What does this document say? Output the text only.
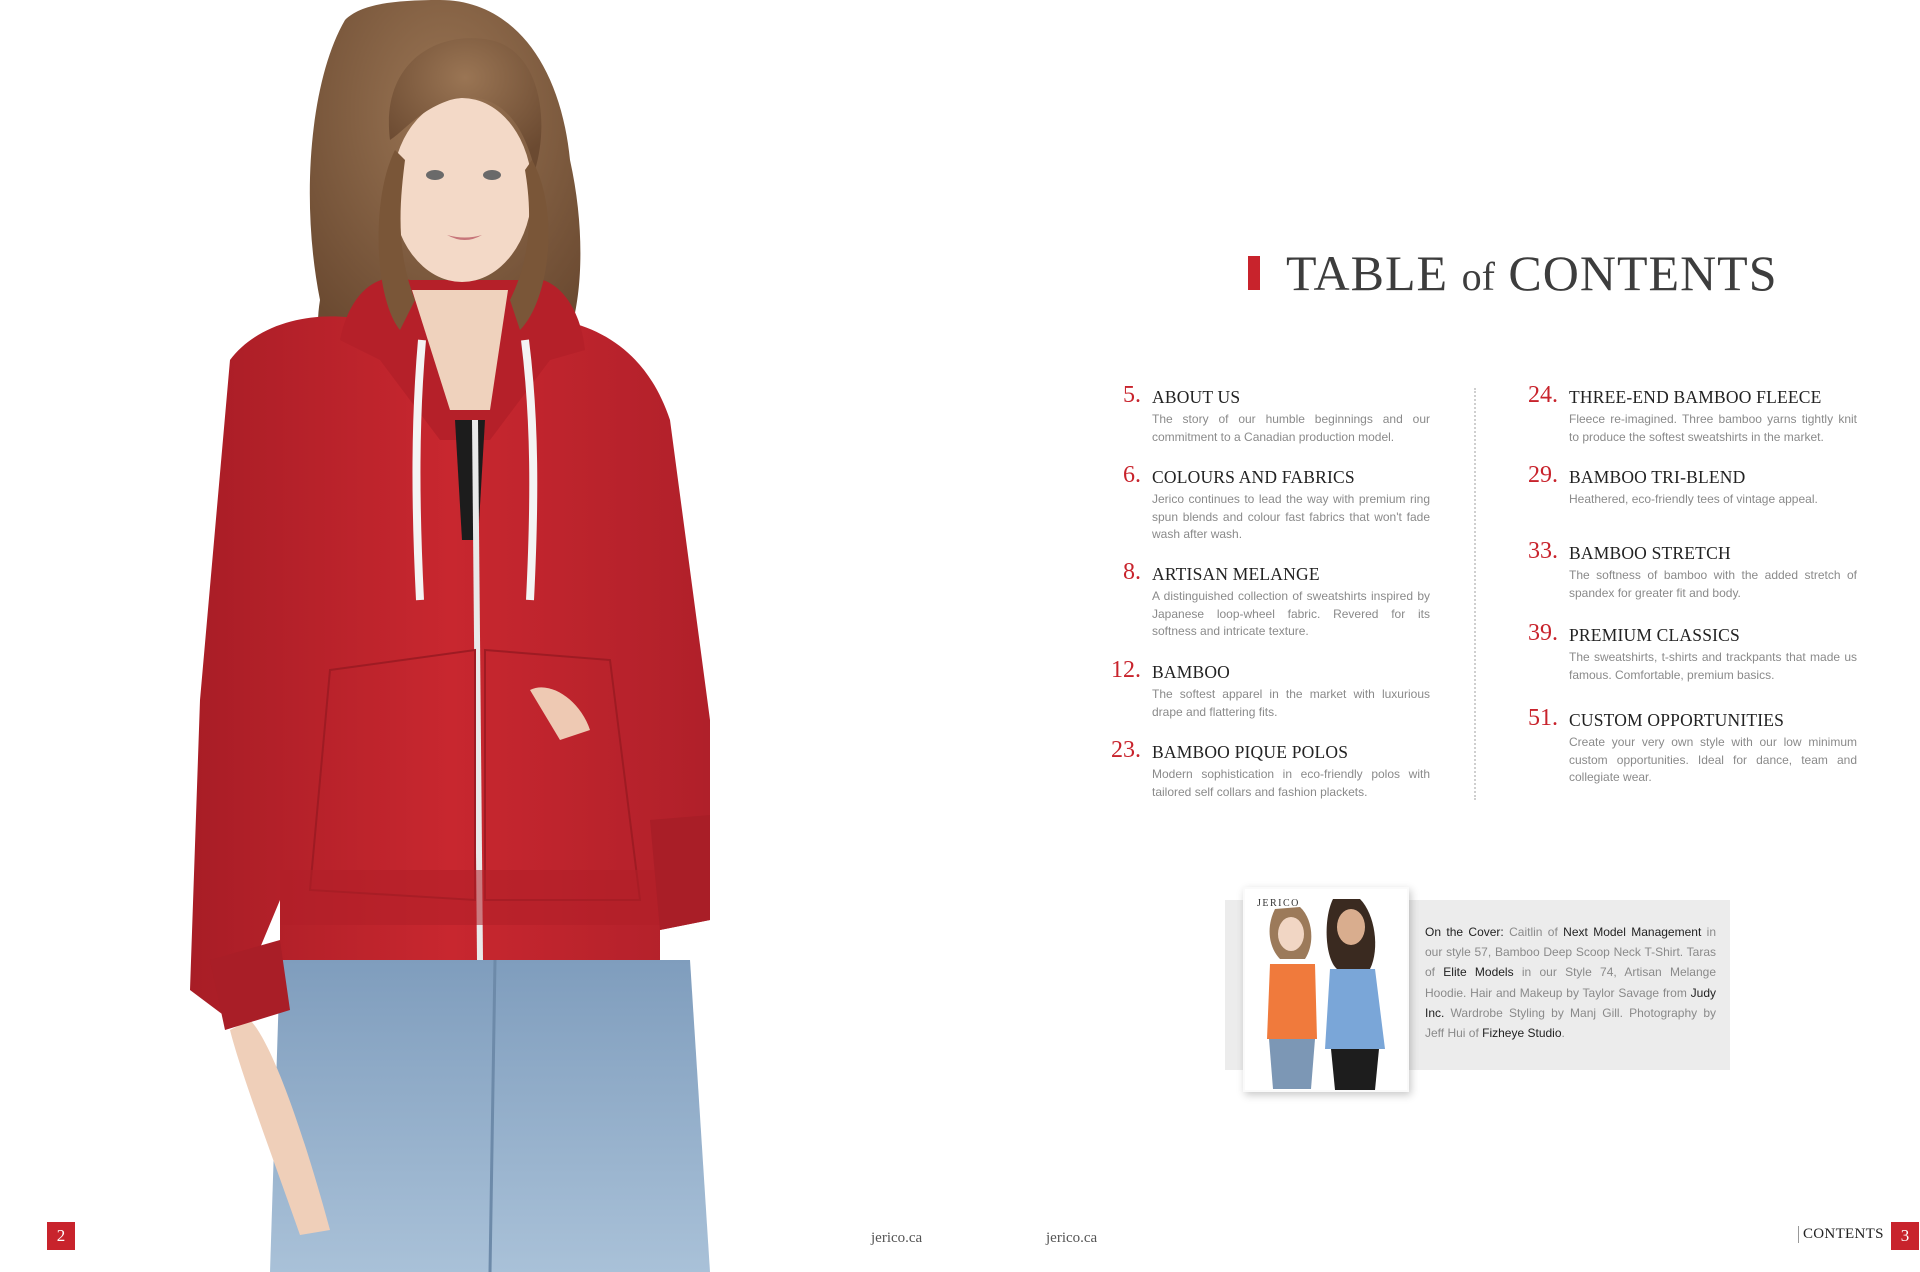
TABLE of CONTENTS
5. ABOUT US
The story of our humble beginnings and our commitment to a Canadian production model.
6. COLOURS AND FABRICS
Jerico continues to lead the way with premium ring spun blends and colour fast fabrics that won't fade wash after wash.
8. ARTISAN MELANGE
A distinguished collection of sweatshirts inspired by Japanese loop-wheel fabric. Revered for its softness and intricate texture.
12. BAMBOO
The softest apparel in the market with luxurious drape and flattering fits.
23. BAMBOO PIQUE POLOS
Modern sophistication in eco-friendly polos with tailored self collars and fashion plackets.
24. THREE-END BAMBOO FLEECE
Fleece re-imagined. Three bamboo yarns tightly knit to produce the softest sweatshirts in the market.
29. BAMBOO TRI-BLEND
Heathered, eco-friendly tees of vintage appeal.
33. BAMBOO STRETCH
The softness of bamboo with the added stretch of spandex for greater fit and body.
39. PREMIUM CLASSICS
The sweatshirts, t-shirts and trackpants that made us famous. Comfortable, premium basics.
51. CUSTOM OPPORTUNITIES
Create your very own style with our low minimum custom opportunities. Ideal for dance, team and collegiate wear.
JERICO
On the Cover: Caitlin of Next Model Management in our style 57, Bamboo Deep Scoop Neck T-Shirt. Taras of Elite Models in our Style 74, Artisan Melange Hoodie. Hair and Makeup by Taylor Savage from Judy Inc. Wardrobe Styling by Manj Gill. Photography by Jeff Hui of Fizheye Studio.
2	jerico.ca	jerico.ca	CONTENTS	3
